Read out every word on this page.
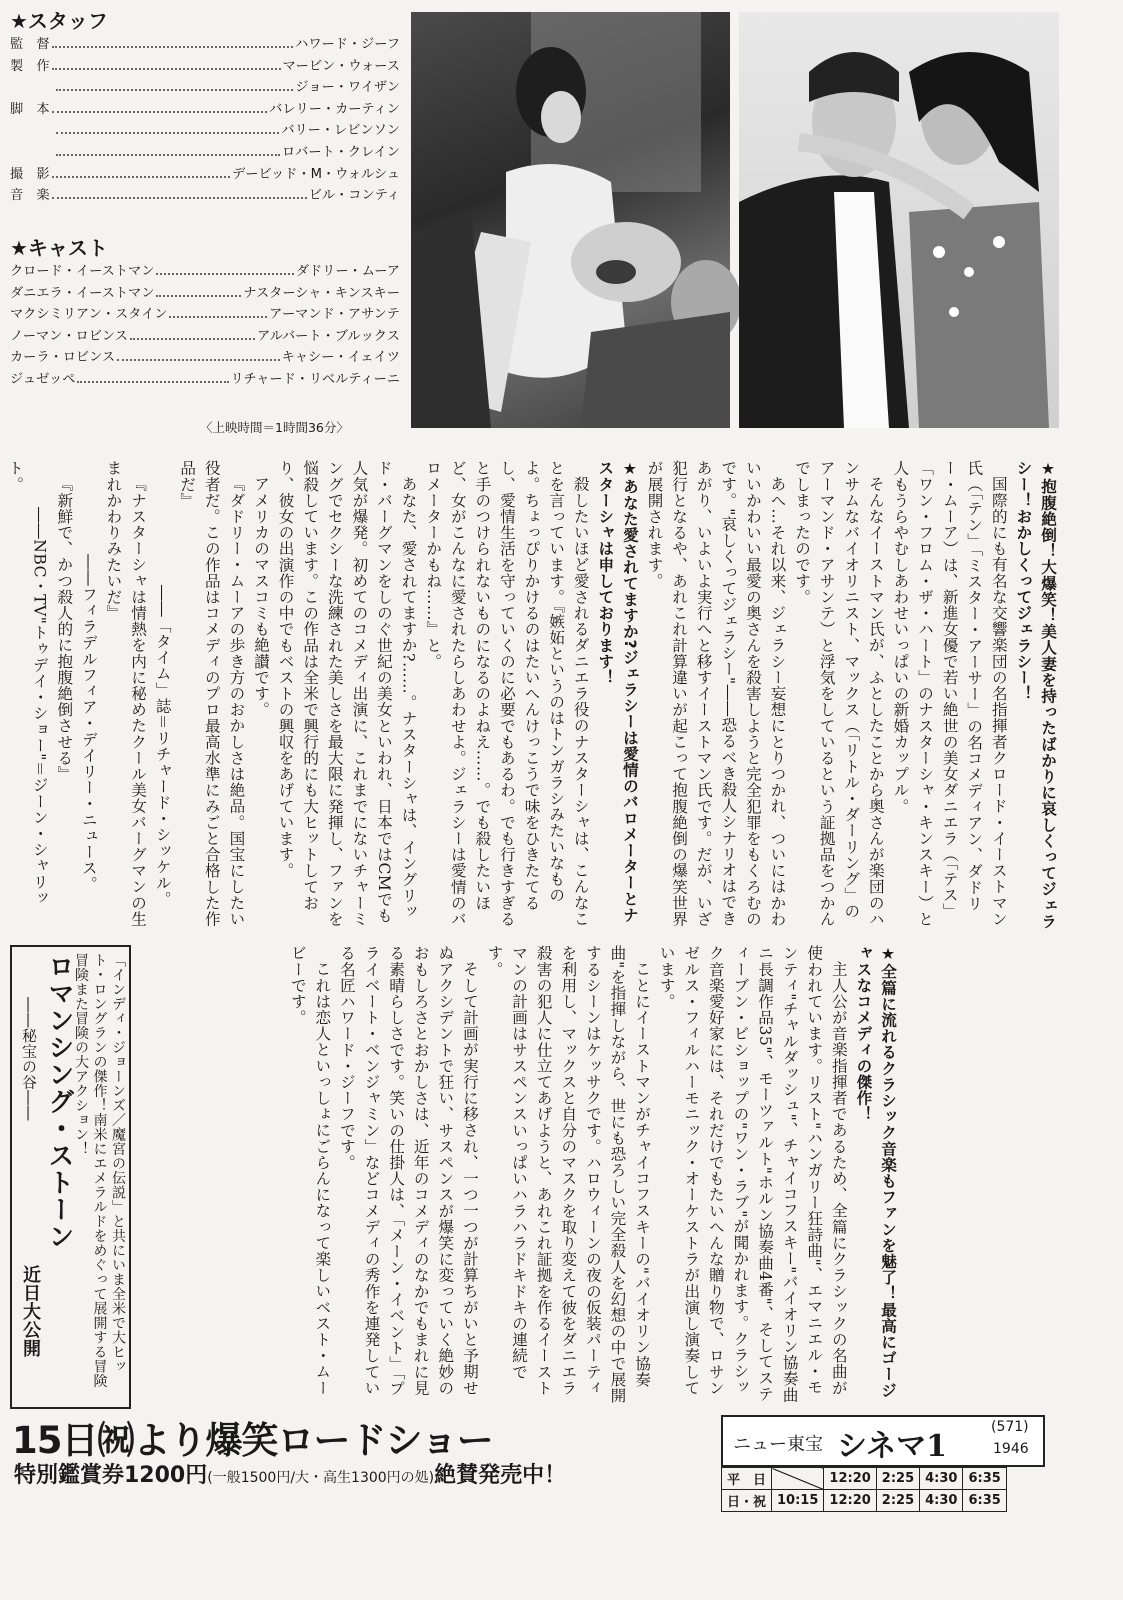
★スタッフ
監　督	ハワード・ジーフ
製　作	マービン・ウォース
ジョー・ワイザン
脚　本	バレリー・カーティン
バリー・レビンソン
ロバート・クレイン
撮　影	デービッド・M・ウォルシュ
音　楽	ビル・コンティ
★キャスト
クロード・イーストマン	ダドリー・ムーア
ダニエラ・イーストマン	ナスターシャ・キンスキー
マクシミリアン・スタイン	アーマンド・アサンテ
ノーマン・ロビンス	アルバート・ブルックス
カーラ・ロビンス	キャシー・イェイツ
ジュゼッペ	リチャード・リベルティーニ
〈上映時間＝1時間36分〉

★抱腹絶倒！大爆笑！美人妻を持ったばかりに哀しくってジェラシー！おかしくってジェラシー！

国際的にも有名な交響楽団の名指揮者クロード・イーストマン氏（「テン」「ミスター・アーサー」の名コメディアン、ダドリー・ムーア）は、新進女優で若い絶世の美女ダニエラ（「テス」「ワン・フロム・ザ・ハート」のナスターシャ・キンスキー）と人もうらやむしあわせいっぱいの新婚カップル。

そんなイーストマン氏が、ふとしたことから奥さんが楽団のハンサムなバイオリニスト、マックス（「リトル・ダーリング」のアーマンド・アサンテ）と浮気をしているという証拠品をつかんでしまったのです。

あへ…それ以来、ジェラシー妄想にとりつかれ、ついにはかわいいかわいい最愛の奥さんを殺害しようと完全犯罪をもくろむのです。"哀しくってジェラシー"――恐るべき殺人シナリオはできあがり、いよいよ実行へと移すイーストマン氏です。だが、いざ犯行となるや、あれこれ計算違いが起こって抱腹絶倒の爆笑世界が展開されます。

★あなた愛されてますか?ジェラシーは愛情のバロメーターとナスターシャは申しております！

殺したいほど愛されるダニエラ役のナスターシャは、こんなことを言っています。『嫉妬というのはトンガラシみたいなものよ。ちょっぴりかけるのはたいへんけっこうで味をひきたてるし、愛情生活を守っていくのに必要でもあるわ。でも行きすぎると手のつけられないものになるのよねえ……。でも殺したいほど、女がこんなに愛されたらしあわせよ。ジェラシーは愛情のバロメーターかもね……』と。

あなた、愛されてますか?……。ナスターシャは、イングリッド・バーグマンをしのぐ世紀の美女といわれ、日本ではCMでも人気が爆発。初めてのコメディ出演に、これまでにないチャーミングでセクシーな洗練された美しさを最大限に発揮し、ファンを悩殺しています。この作品は全米で興行的にも大ヒットしており、彼女の出演作の中でもベストの興収をあげています。

アメリカのマスコミも絶讃です。

『ダドリー・ムーアの歩き方のおかしさは絶品。国宝にしたい役者だ。この作品はコメディのプロ最高水準にみごと合格した作品だ』

――「タイム」誌＝リチャード・シッケル。

『ナスターシャは情熱を内に秘めたクール美女バーグマンの生まれかわりみたいだ』

――フィラデルフィア・デイリー・ニュース。

『新鮮で、かつ殺人的に抱腹絶倒させる』

――NBC・TV"トゥデイ・ショー"＝ジーン・シャリット。

★全篇に流れるクラシック音楽もファンを魅了！最高にゴージャスなコメディの傑作！

主人公が音楽指揮者であるため、全篇にクラシックの名曲が使われています。リスト"ハンガリー狂詩曲"、エマニエル・モンティ"チャルダッシュ"、チャイコフスキー"バイオリン協奏曲ニ長調作品35"、モーツァルト"ホルン協奏曲4番"、そしてスティーブン・ビショップの"ワン・ラブ"が聞かれます。クラシック音楽愛好家には、それだけでもたいへんな贈り物で、ロサンゼルス・フィルハーモニック・オーケストラが出演し演奏しています。

ことにイーストマンがチャイコフスキーの"バイオリン協奏曲"を指揮しながら、世にも恐ろしい完全殺人を幻想の中で展開するシーンはケッサクです。ハロウィーンの夜の仮装パーティを利用し、マックスと自分のマスクを取り変えて彼をダニエラ殺害の犯人に仕立てあげようと、あれこれ証拠を作るイーストマンの計画はサスペンスいっぱいハラハラドキドキの連続です。

そして計画が実行に移され、一つ一つが計算ちがいと予期せぬアクシデントで狂い、サスペンスが爆笑に変っていく絶妙のおもしろさとおかしさは、近年のコメディのなかでもまれに見る素晴らしさです。笑いの仕掛人は、「メーン・イベント」「プライベート・ベンジャミン」などコメディの秀作を連発している名匠ハワード・ジーフです。

これは恋人といっしょにごらんになって楽しいベスト・ムービーです。

「インディ・ジョーンズ／魔宮の伝説」と共にいま全米で大ヒット・ロングランの傑作！南米にエメラルドをめぐって展開する冒険冒険また冒険の大アクション！
ロマンシング・ストーン
――秘宝の谷――
近日大公開
15日㈷より爆笑ロードショー
特別鑑賞券1200円(一般1500円/大・高生1300円の処)絶賛発売中！
ニュー東宝 シネマ1
(571)
1946
平　日		12:20	2:25	4:30	6:35
日・祝	10:15	12:20	2:25	4:30	6:35
